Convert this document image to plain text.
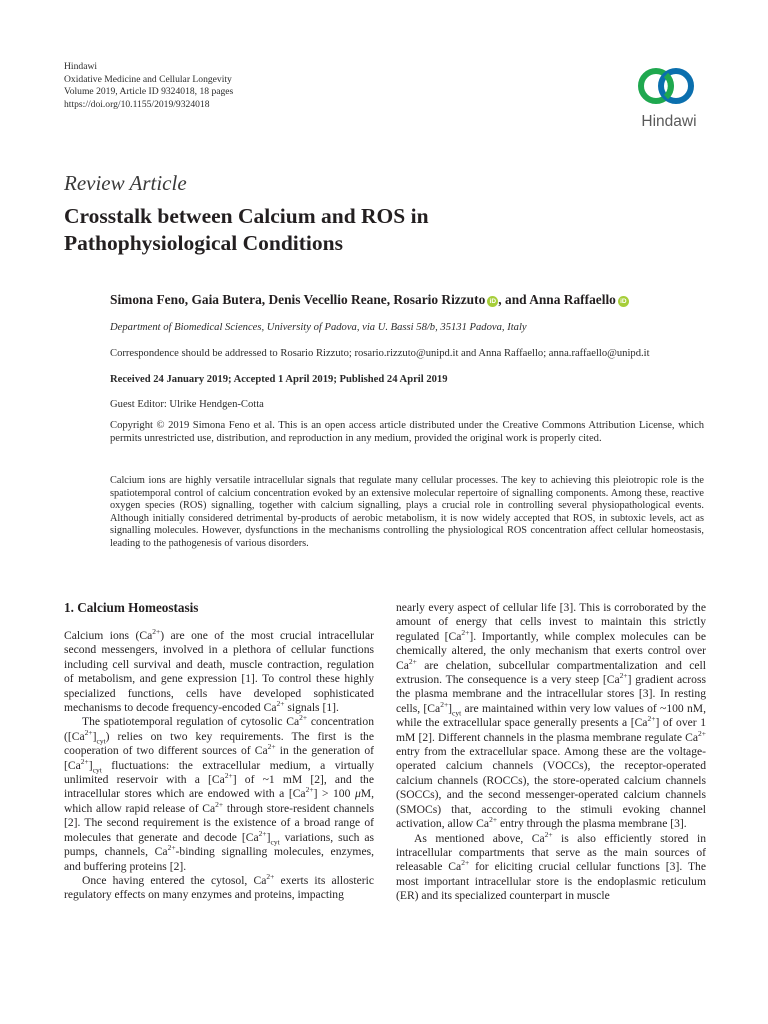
Hindawi
Oxidative Medicine and Cellular Longevity
Volume 2019, Article ID 9324018, 18 pages
https://doi.org/10.1155/2019/9324018
Hindawi
Review Article
Crosstalk between Calcium and ROS in
Pathophysiological Conditions
Simona Feno, Gaia Butera, Denis Vecellio Reane, Rosario Rizzuto iD , and Anna Raffaello iD
Department of Biomedical Sciences, University of Padova, via U. Bassi 58/b, 35131 Padova, Italy
Correspondence should be addressed to Rosario Rizzuto; rosario.rizzuto@unipd.it and Anna Raffaello; anna.raffaello@unipd.it
Received 24 January 2019; Accepted 1 April 2019; Published 24 April 2019
Guest Editor: Ulrike Hendgen-Cotta
Copyright © 2019 Simona Feno et al. This is an open access article distributed under the Creative Commons Attribution License, which permits unrestricted use, distribution, and reproduction in any medium, provided the original work is properly cited.
Calcium ions are highly versatile intracellular signals that regulate many cellular processes. The key to achieving this pleiotropic role is the spatiotemporal control of calcium concentration evoked by an extensive molecular repertoire of signalling components. Among these, reactive oxygen species (ROS) signalling, together with calcium signalling, plays a crucial role in controlling several physiopathological events. Although initially considered detrimental by-products of aerobic metabolism, it is now widely accepted that ROS, in subtoxic levels, act as signalling molecules. However, dysfunctions in the mechanisms controlling the physiological ROS concentration affect cellular homeostasis, leading to the pathogenesis of various disorders.
1. Calcium Homeostasis

Calcium ions $(Ca^{2+})$ are one of the most crucial intracellular second messengers, involved in a plethora of cellular functions including cell survival and death, muscle contraction, regulation of metabolism, and gene expression [1]. To control these highly specialized functions, cells have developed sophisticated mechanisms to decode frequency-encoded $Ca^{2+}$ signals [1].

The spatiotemporal regulation of cytosolic $Ca^{2+}$ concentration $([Ca^{2+}]_{cyt})$ relies on two key requirements. The first is the cooperation of two different sources of $Ca^{2+}$ in the generation of $[Ca^{2+}]_{cyt}$ fluctuations: the extracellular medium, a virtually unlimited reservoir with a $[Ca^{2+}]$ of ~1 mM [2], and the intracellular stores which are endowed with a $[Ca^{2+}] > 100$ μM, which allow rapid release of $Ca^{2+}$ through store-resident channels [2]. The second requirement is the existence of a broad range of molecules that generate and decode $[Ca^{2+}]_{cyt}$ variations, such as pumps, channels, $Ca^{2+}$-binding signalling molecules, enzymes, and buffering proteins [2].

Once having entered the cytosol, $Ca^{2+}$ exerts its allosteric regulatory effects on many enzymes and proteins, impacting

nearly every aspect of cellular life [3]. This is corroborated by the amount of energy that cells invest to maintain this strictly regulated $[Ca^{2+}]$. Importantly, while complex molecules can be chemically altered, the only mechanism that exerts control over $Ca^{2+}$ are chelation, subcellular compartmentalization and cell extrusion. The consequence is a very steep $[Ca^{2+}]$ gradient across the plasma membrane and the intracellular stores [3]. In resting cells, $[Ca^{2+}]_{cyt}$ are maintained within very low values of ~100 nM, while the extracellular space generally presents a $[Ca^{2+}]$ of over 1 mM [2]. Different channels in the plasma membrane regulate $Ca^{2+}$ entry from the extracellular space. Among these are the voltage-operated calcium channels (VOCCs), the receptor-operated calcium channels (ROCCs), the store-operated calcium channels (SOCCs), and the second messenger-operated calcium channels (SMOCs) that, according to the stimuli evoking channel activation, allow $Ca^{2+}$ entry through the plasma membrane [3].

As mentioned above, $Ca^{2+}$ is also efficiently stored in intracellular compartments that serve as the main sources of releasable $Ca^{2+}$ for eliciting crucial cellular functions [3]. The most important intracellular store is the endoplasmic reticulum (ER) and its specialized counterpart in muscle
